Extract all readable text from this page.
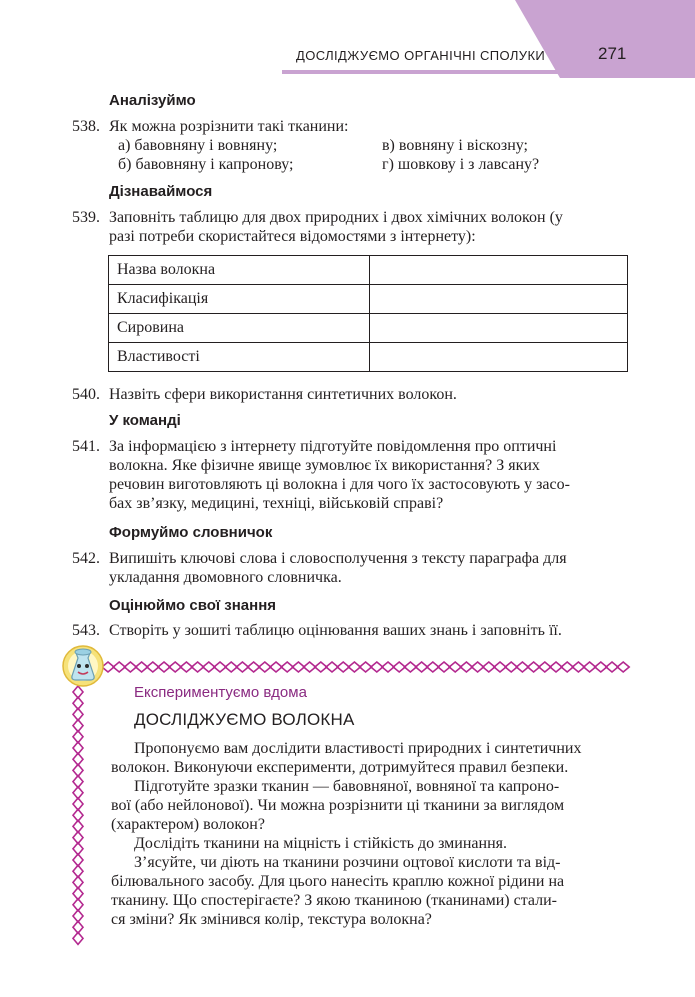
ДОСЛІДЖУЄМО ОРГАНІЧНІ СПОЛУКИ	271
Аналізуймо
538. Як можна розрізнити такі тканини:
а) бавовняну і вовняну;
б) бавовняну і капронову;
в) вовняну і віскозну;
г) шовкову і з лавсану?
Дізнаваймося
539. Заповніть таблицю для двох природних і двох хімічних волокон (у
разі потреби скористайтеся відомостями з інтернету):
Назва волокна	
Класифікація	
Сировина	
Властивості	
540. Назвіть сфери використання синтетичних волокон.
У команді
541. За інформацією з інтернету підготуйте повідомлення про оптичні
волокна. Яке фізичне явище зумовлює їх використання? З яких
речовин виготовляють ці волокна і для чого їх застосовують у засо-
бах зв’язку, медицині, техніці, військовій справі?
Формуймо словничок
542. Випишіть ключові слова і словосполучення з тексту параграфа для
укладання двомовного словничка.
Оцінюймо свої знання
543. Створіть у зошиті таблицю оцінювання ваших знань і заповніть її.
Експериментуємо вдома
ДОСЛІДЖУЄМО ВОЛОКНА
Пропонуємо вам дослідити властивості природних і синтетичних
волокон. Виконуючи експерименти, дотримуйтеся правил безпеки.
Підготуйте зразки тканин — бавовняної, вовняної та капроно-
вої (або нейлонової). Чи можна розрізнити ці тканини за виглядом
(характером) волокон?
Дослідіть тканини на міцність і стійкість до зминання.
З’ясуйте, чи діють на тканини розчини оцтової кислоти та від-
білювального засобу. Для цього нанесіть краплю кожної рідини на
тканину. Що спостерігаєте? З якою тканиною (тканинами) стали-
ся зміни? Як змінився колір, текстура волокна?
